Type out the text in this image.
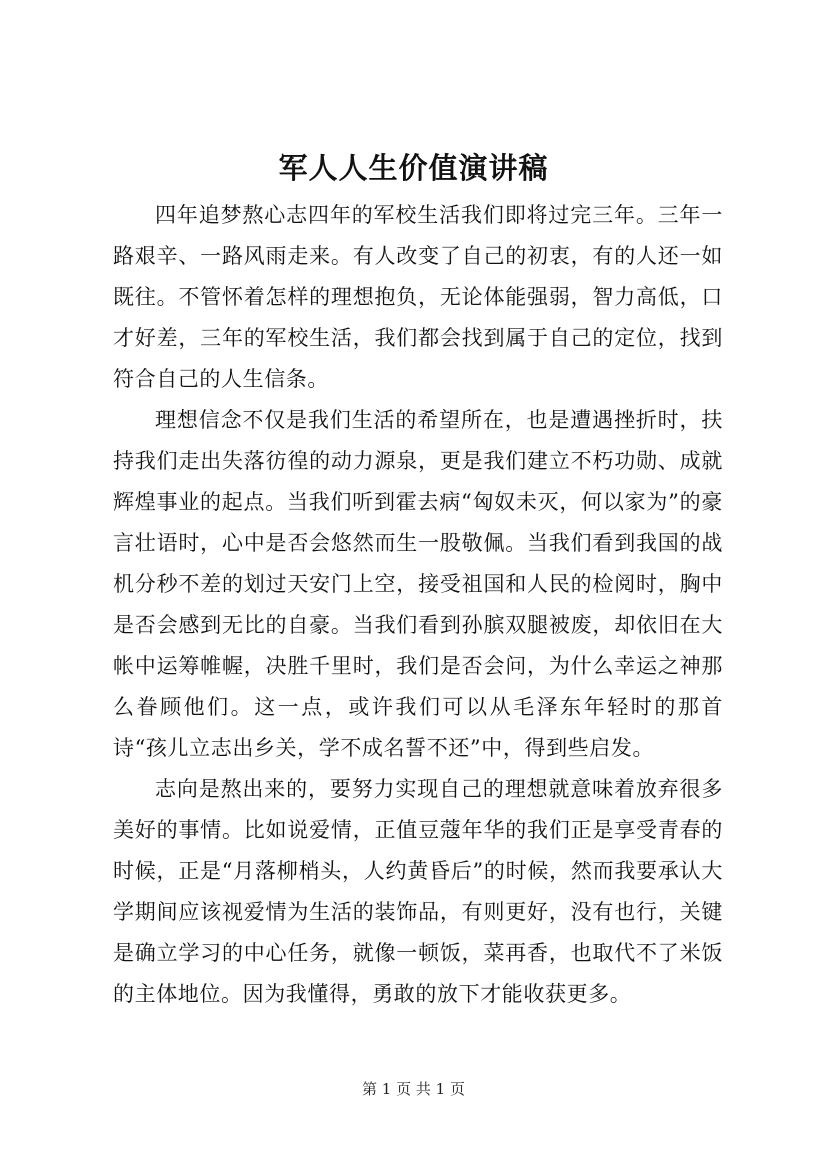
军人人生价值演讲稿

四年追梦熬心志四年的军校生活我们即将过完三年。三年一路艰辛、一路风雨走来。有人改变了自己的初衷，有的人还一如既往。不管怀着怎样的理想抱负，无论体能强弱，智力高低，口才好差，三年的军校生活，我们都会找到属于自己的定位，找到符合自己的人生信条。

理想信念不仅是我们生活的希望所在，也是遭遇挫折时，扶持我们走出失落彷徨的动力源泉，更是我们建立不朽功勋、成就辉煌事业的起点。当我们听到霍去病“匈奴未灭，何以家为”的豪言壮语时，心中是否会悠然而生一股敬佩。当我们看到我国的战机分秒不差的划过天安门上空，接受祖国和人民的检阅时，胸中是否会感到无比的自豪。当我们看到孙膑双腿被废，却依旧在大帐中运筹帷幄，决胜千里时，我们是否会问，为什么幸运之神那么眷顾他们。这一点，或许我们可以从毛泽东年轻时的那首诗“孩儿立志出乡关，学不成名誓不还”中，得到些启发。

志向是熬出来的，要努力实现自己的理想就意味着放弃很多美好的事情。比如说爱情，正值豆蔻年华的我们正是享受青春的时候，正是“月落柳梢头，人约黄昏后”的时候，然而我要承认大学期间应该视爱情为生活的装饰品，有则更好，没有也行，关键是确立学习的中心任务，就像一顿饭，菜再香，也取代不了米饭的主体地位。因为我懂得，勇敢的放下才能收获更多。

第 1 页 共 1 页
